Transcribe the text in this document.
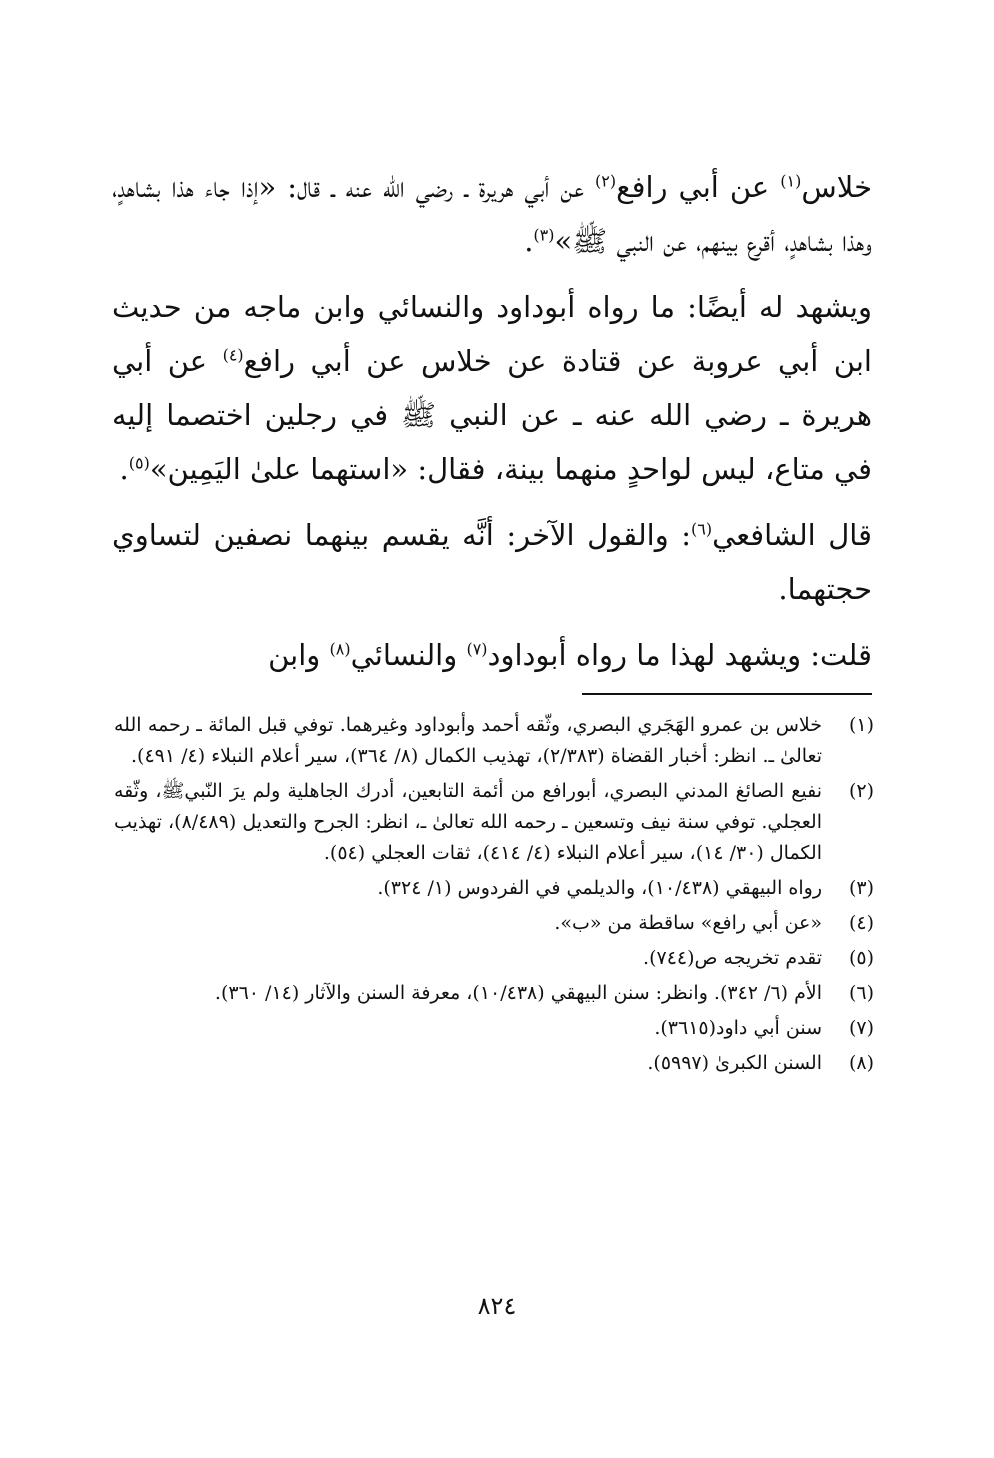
خلاس$^{(١)}$ عن أبي رافع$^{(٢)}$ عن أبي هريرة ـ رضي الله عنه ـ قال: «إذا جاء هذا بشاهدٍ، وهذا بشاهدٍ، أقرع بينهم، عن النبي ﷺ»$^{(٣)}$.

ويشهد له أيضًا: ما رواه أبوداود والنسائي وابن ماجه من حديث ابن أبي عروبة عن قتادة عن خلاس عن أبي رافع$^{(٤)}$ عن أبي هريرة ـ رضي الله عنه ـ عن النبي ﷺ في رجلين اختصما إليه في متاع، ليس لواحدٍ منهما بينة، فقال: «استهما علىٰ اليَمِين»$^{(٥)}$.

قال الشافعي$^{(٦)}$: والقول الآخر: أنَّه يقسم بينهما نصفين لتساوي حجتهما.

قلت: ويشهد لهذا ما رواه أبوداود$^{(٧)}$ والنسائي$^{(٨)}$ وابن

(١)
خلاس بن عمرو الهَجَري البصري، وثّقه أحمد وأبوداود وغيرهما. توفي قبل المائة ـ رحمه الله تعالىٰ ـ. انظر: أخبار القضاة (٢/٣٨٣)، تهذيب الكمال (٨/ ٣٦٤)، سير أعلام النبلاء (٤/ ٤٩١).
(٢)
نفيع الصائغ المدني البصري، أبورافع من أئمة التابعين، أدرك الجاهلية ولم يرَ النّبيﷺ، وثّقه العجلي. توفي سنة نيف وتسعين ـ رحمه الله تعالىٰ ـ، انظر: الجرح والتعديل (٨/٤٨٩)، تهذيب الكمال (٣٠/ ١٤)، سير أعلام النبلاء (٤/ ٤١٤)، ثقات العجلي (٥٤).
(٣)
رواه البيهقي (١٠/٤٣٨)، والديلمي في الفردوس (١/ ٣٢٤).
(٤)
«عن أبي رافع» ساقطة من «ب».
(٥)
تقدم تخريجه ص(٧٤٤).
(٦)
الأم (٦/ ٣٤٢). وانظر: سنن البيهقي (١٠/٤٣٨)، معرفة السنن والآثار (١٤/ ٣٦٠).
(٧)
سنن أبي داود(٣٦١٥).
(٨)
السنن الكبرىٰ (٥٩٩٧).
٨٢٤
